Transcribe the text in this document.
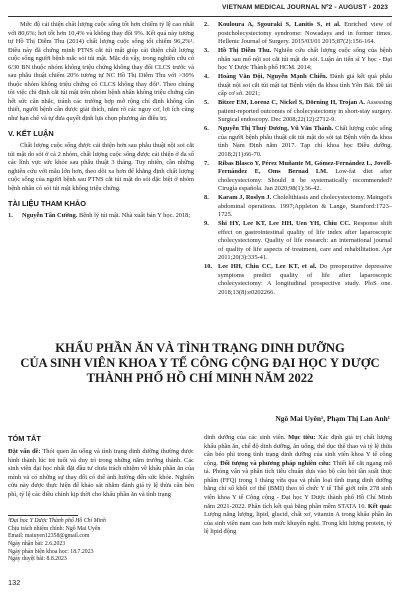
VIETNAM MEDICAL JOURNAL Nº2 - AUGUST - 2023

Mức độ cải thiện chất lượng cuộc sống tốt hơn chiếm tỷ lệ cao nhất với 80,6%; hơi tốt hơn 10,4% và không thay đổi 9%. Kết quả này tương tự Hồ Thị Diễm Thu (2014) chất lượng cuộc sống tốt chiếm 96,2%¹. Điều này đã chứng minh PTNS cắt túi mật giúp cải thiện chất lượng cuộc sống người bệnh mắc sỏi túi mật. Mặc dù vậy, trong nghiên cứu có 6/30 BN thuộc nhóm không triệu chứng không thay đổi CLCS trước và sau phẫu thuật chiếm 20% tương tự NC Hồ Thị Diễm Thu với >30% thuộc nhóm không triệu chứng có CLCS không thay đổi¹. Theo chúng tôi việc chỉ định cắt túi mật trên nhóm bệnh nhân không triệu chứng cần hết sức cân nhắc, tránh các trường hợp mở rộng chỉ định không cần thiết, người bệnh cần được giải thích, nắm rõ các nguy cơ, lợi ích cũng như hạn chế và tự đưa quyết định lựa chọn phương án điều trị.

V. KẾT LUẬN

Chất lượng cuộc sống được cải thiện hơn sau phẫu thuật nội soi cắt túi mật do sỏi ở cả 2 nhóm, chất lượng cuộc sống được cải thiện ở đa số các lĩnh vực sức khỏe sau phẫu thuật 3 tháng. Tuy nhiên, cần những nghiên cứu với mẫu lớn hơn, theo dõi xa hơn để khẳng định chất lượng cuộc sống của người bệnh sau PTNS cắt túi mật do sỏi đặc biệt ở nhóm bệnh nhân có sỏi túi mật không triệu chứng.

TÀI LIỆU THAM KHẢO
1.	Nguyễn Tấn Cường. Bệnh lý túi mật. Nhà xuất bản Y học. 2018;
2.	Kouloura A, Sgouraki S, Lanitis S, et al. Enriched view of postcholecystectomy syndrome: Nowadays and in former times. Hellenic Journal of Surgery. 2015/03/01 2015;87(2):156-164.
3.	Hồ Thị Diễm Thu. Nghiên cứu chất lượng cuộc sống của bệnh nhân sau mổ nội soi cắt túi mật do sỏi. Luận án tiến sĩ Y học - Đại học Y Dược Thành phố HCM. 2014;
4.	Hoàng Văn Đội, Nguyễn Mạnh Chiến. Đánh giá kết quả phẫu thuật nội soi cắt túi mật tại Bệnh viện đa khoa tỉnh Yên Bái. Đề tài cấp cơ sở. 2021;
5.	Bitzer EM, Lorenz C, Nickel S, Dörning H, Trojan A. Assessing patient-reported outcomes of cholecystectomy in short-stay surgery. Surgical endoscopy. Dec 2008;22(12):2712-9.
6.	Nguyễn Thị Thuý Dương, Vũ Văn Thành. Chất lượng cuộc sống của người bệnh phẫu thuật cắt túi mật do sỏi tại Bệnh viện đa khoa tỉnh Nam Định năm 2017. Tạp chí khoa học Điều dưỡng. 2018;2(1):66-70.
7.	Ribas Blasco Y, Pérez Muñante M, Gómez-Fernández L, Jovell-Fernández E, Oms Bernad LM. Low-fat diet after cholecystectomy: Should it be systematically recommended? Cirugía española. Jan 2020;98(1):36-42.
8.	Karam J, Roslyn J. Cholelithiasis and cholecystectomy. Maingot's abdominal operations. 1997;Appleton & Lange, Stamford:1723–1725.
9.	Shi HY, Lee KT, Lee HH, Uen YH, Chiu CC. Response shift effect on gastrointestinal quality of life index after laparoscopic cholecystectomy. Quality of life research: an international journal of quality of life aspects of treatment, care and rehabilitation. Apr 2011;20(3):335-41.
10. Lee HH, Chiu CC, Lee KT, et al. Do preoperative depressive symptoms predict quality of life after laparoscopic cholecystectomy: A longitudinal prospective study. PloS one. 2018;13(8):e0202266.
KHẨU PHẦN ĂN VÀ TÌNH TRẠNG DINH DƯỠNG
CỦA SINH VIÊN KHOA Y TẾ CÔNG CỘNG ĐẠI HỌC Y DƯỢC
THÀNH PHỐ HỒ CHÍ MINH NĂM 2022
Ngô Mai Uyên¹, Phạm Thị Lan Anh¹
TÓM TẮT

Đặt vấn đề: Thói quen ăn uống và tình trạng dinh dưỡng thường được hình thành lúc trẻ tuổi và duy trì trong những năm trưởng thành. Các sinh viên đại học nhất đặt đầu tư chưa trách nhiệm về khẩu phần ăn của mình và có những sự thay đổi có thể ảnh hưởng đến sức khỏe. Nghiên cứu này được thực hiện để khảo sát nhằm đánh giá tỷ lệ thừa cân béo phì, tỷ lệ các điều chỉnh kịp thời cho khẩu phần ăn và tình trạng

dinh dưỡng của các sinh viên. Mục tiêu: Xác định giá trị chất lượng khẩu phần ăn, chế độ dinh dưỡng, ăn uống, thể dục thể thao và tỷ lệ thừa cân béo phì trong tình trạng dinh dưỡng của sinh viên khoa Y tế công cộng. Đối tượng và phương pháp nghiên cứu: Thiết kế cắt ngang mô tả. Phỏng vấn và phân tích tiêu chuẩn dựa vào bộ câu hỏi tần suất thực phẩm (FFQ) trong 1 tháng vừa qua và phân loại tình trạng dinh dưỡng bằng chỉ số khối cơ thể (BMI) theo tổ chức Y tế Thế giới trên 278 sinh viên khoa Y tế Công cộng - Đại học Y Dược thành phố Hồ Chí Minh năm 2021-2022. Phân tích kết quả bằng phần mềm STATA 16. Kết quả: Lượng năng lượng, lipid, glucid, chất xơ, vitamin A trong khẩu phần ăn của sinh viên nam cao hơn mức khuyến nghị. Trong khi lượng protein, tỷ lệ lipid động

¹Đại học Y Dược Thành phố Hồ Chí Minh
Chịu trách nhiệm chính: Ngô Mai Uyên
Email: maiuyen12358@gmail.com
Ngày nhận bài: 2.6.2023
Ngày phản biện khoa học: 18.7.2023
Ngày duyệt bài: 8.8.2023
132
